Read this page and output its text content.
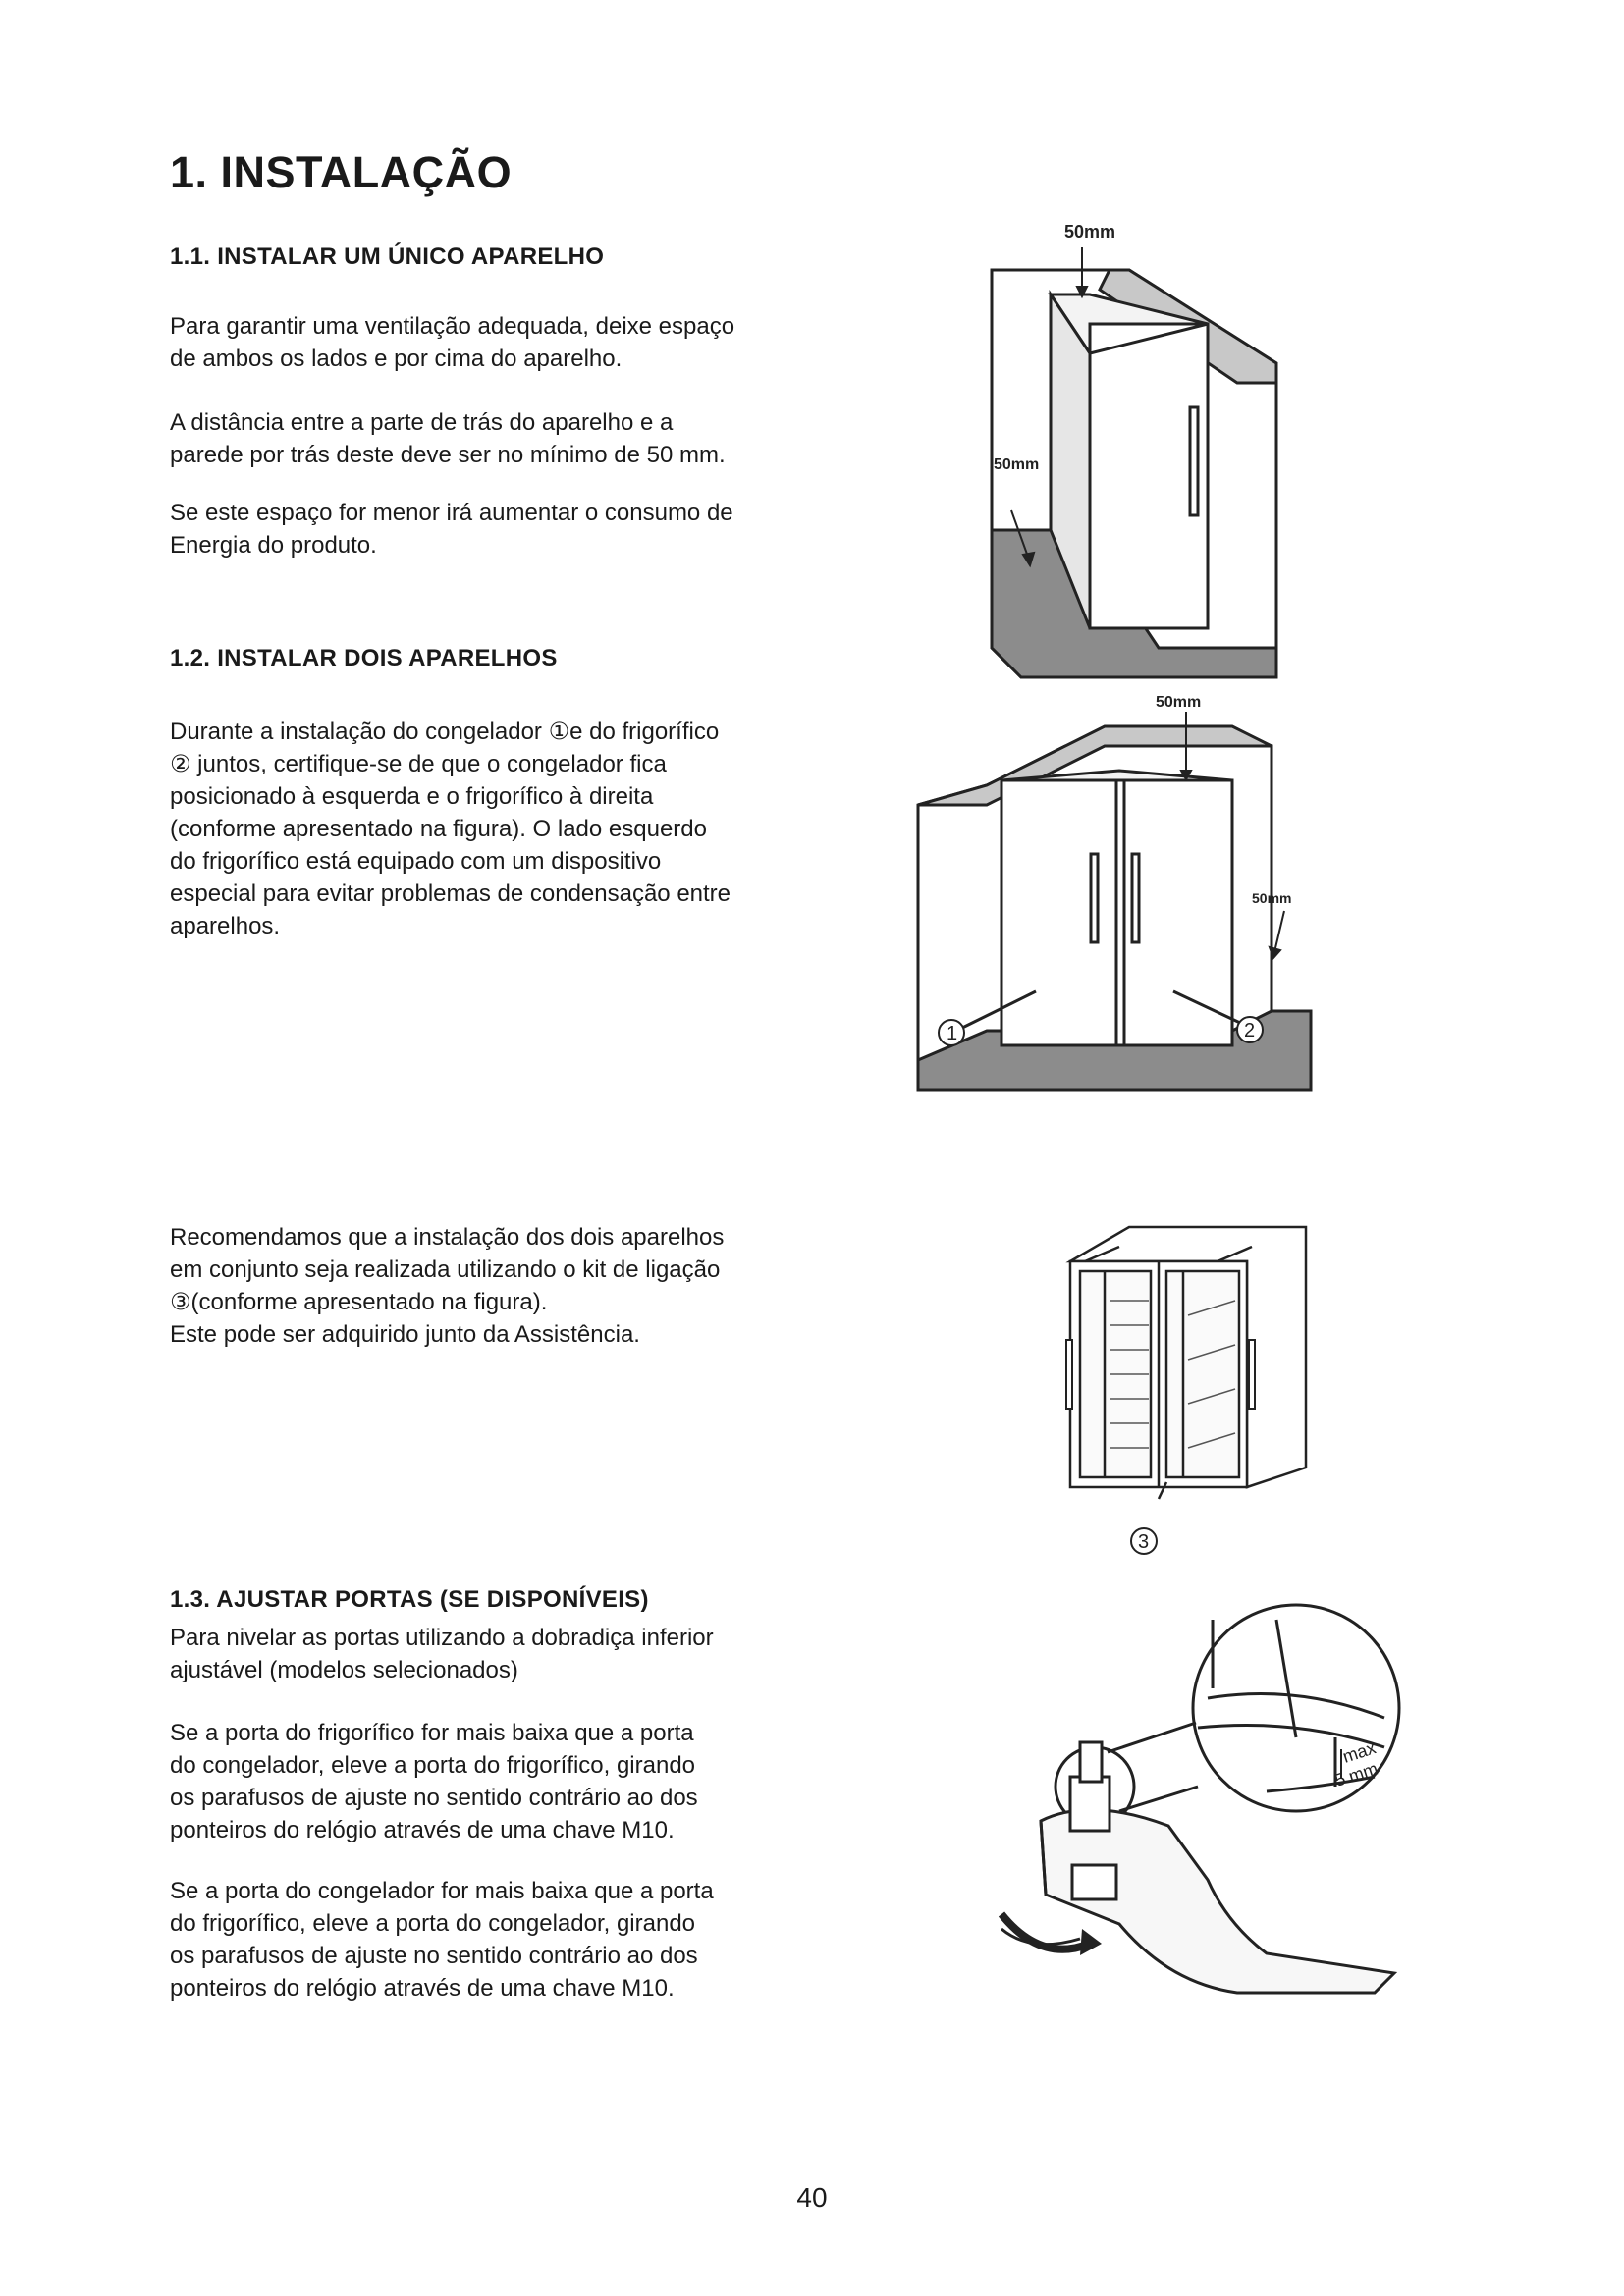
1. INSTALAÇÃO
1.1. INSTALAR UM ÚNICO APARELHO

Para garantir uma ventilação adequada, deixe espaço
de ambos os lados e por cima do aparelho.

A distância entre a parte de trás do aparelho e a
parede por trás deste deve ser no mínimo de 50 mm.

Se este espaço for menor irá aumentar o consumo de
Energia do produto.

1.2. INSTALAR DOIS APARELHOS

Durante a instalação do congelador ①e do frigorífico
② juntos, certifique-se de que o congelador fica
posicionado à esquerda e o frigorífico à direita
(conforme apresentado na figura). O lado esquerdo
do frigorífico está equipado com um dispositivo
especial para evitar problemas de condensação entre
aparelhos.

Recomendamos que a instalação dos dois aparelhos
em conjunto seja realizada utilizando o kit de ligação
③(conforme apresentado na figura).
Este pode ser adquirido junto da Assistência.

1.3. AJUSTAR PORTAS (SE DISPONÍVEIS)

Para nivelar as portas utilizando a dobradiça inferior
ajustável (modelos selecionados)

Se a porta do frigorífico for mais baixa que a porta
do congelador, eleve a porta do frigorífico, girando
os parafusos de ajuste no sentido contrário ao dos
ponteiros do relógio através de uma chave M10.

Se a porta do congelador for mais baixa que a porta
do frigorífico, eleve a porta do congelador, girando
os parafusos de ajuste no sentido contrário ao dos
ponteiros do relógio através de uma chave M10.

50mm
50mm
50mm
50mm
1	2
3
max
5
mm
40
